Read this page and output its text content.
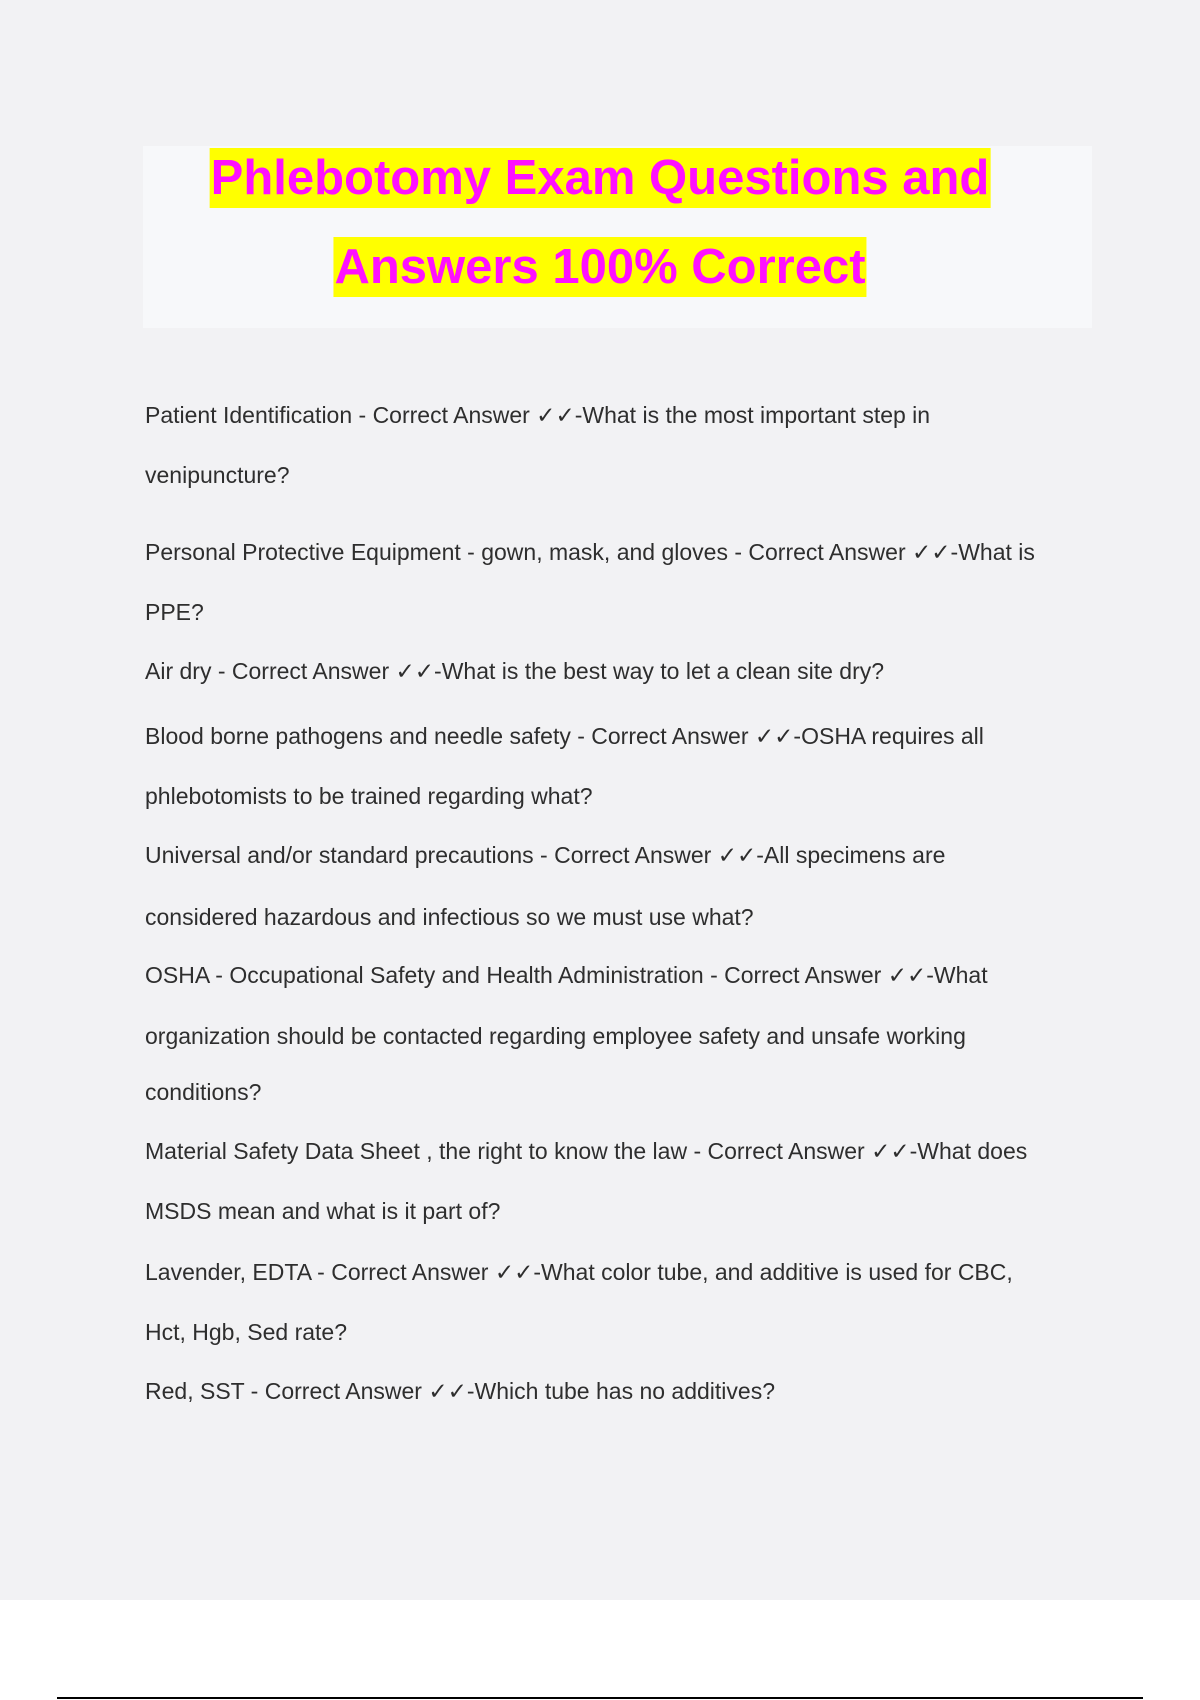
Phlebotomy Exam Questions and
Answers 100% Correct
Patient Identification - Correct Answer ✓✓-What is the most important step in
venipuncture?
Personal Protective Equipment - gown, mask, and gloves - Correct Answer ✓✓-What is
PPE?
Air dry - Correct Answer ✓✓-What is the best way to let a clean site dry?
Blood borne pathogens and needle safety - Correct Answer ✓✓-OSHA requires all
phlebotomists to be trained regarding what?
Universal and/or standard precautions - Correct Answer ✓✓-All specimens are
considered hazardous and infectious so we must use what?
OSHA - Occupational Safety and Health Administration - Correct Answer ✓✓-What
organization should be contacted regarding employee safety and unsafe working
conditions?
Material Safety Data Sheet , the right to know the law - Correct Answer ✓✓-What does
MSDS mean and what is it part of?
Lavender, EDTA - Correct Answer ✓✓-What color tube, and additive is used for CBC,
Hct, Hgb, Sed rate?
Red, SST - Correct Answer ✓✓-Which tube has no additives?
